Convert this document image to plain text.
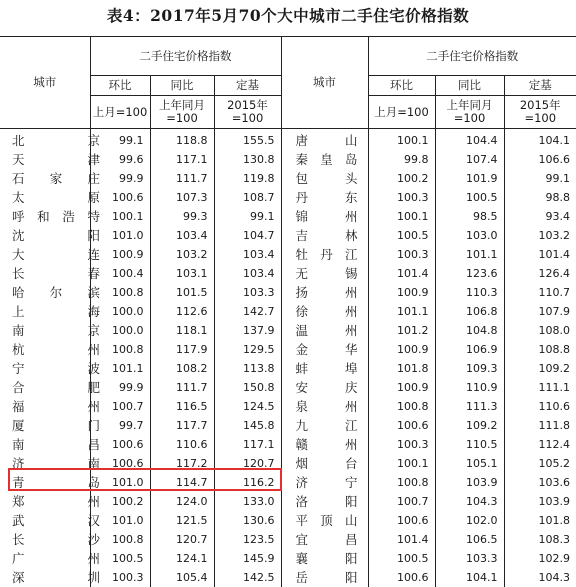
表4：2017年5月70个大中城市二手住宅价格指数
城市	二手住宅价格指数			城市	二手住宅价格指数		
	环比	同比	定基		环比	同比	定基
	上月=100	上年同月=100	2015年=100		上月=100	上年同月=100	2015年=100
北京	99.1	118.8	155.5	唐山	100.1	104.4	104.1
天津	99.6	117.1	130.8	秦皇岛	99.8	107.4	106.6
石家庄	99.9	111.7	119.8	包头	100.2	101.9	99.1
太原	100.6	107.3	108.7	丹东	100.3	100.5	98.8
呼和浩特	100.1	99.3	99.1	锦州	100.1	98.5	93.4
沈阳	101.0	103.4	104.7	吉林	100.5	103.0	103.2
大连	100.9	103.2	103.4	牡丹江	100.3	101.1	101.4
长春	100.4	103.1	103.4	无锡	101.4	123.6	126.4
哈尔滨	100.8	101.5	103.3	扬州	100.9	110.3	110.7
上海	100.0	112.6	142.7	徐州	101.1	106.8	107.9
南京	100.0	118.1	137.9	温州	101.2	104.8	108.0
杭州	100.8	117.9	129.5	金华	100.9	106.9	108.8
宁波	101.1	108.2	113.8	蚌埠	101.8	109.3	109.2
合肥	99.9	111.7	150.8	安庆	100.9	110.9	111.1
福州	100.7	116.5	124.5	泉州	100.8	111.3	110.6
厦门	99.7	117.7	145.8	九江	100.6	109.2	111.8
南昌	100.6	110.6	117.1	赣州	100.3	110.5	112.4
济南	100.6	117.2	120.7	烟台	100.1	105.1	105.2
青岛	101.0	114.7	116.2	济宁	100.8	103.9	103.6
郑州	100.2	124.0	133.0	洛阳	100.7	104.3	103.9
武汉	101.0	121.5	130.6	平顶山	100.6	102.0	101.8
长沙	100.8	120.7	123.5	宜昌	101.4	106.5	108.3
广州	100.5	124.1	145.9	襄阳	100.5	103.3	102.9
深圳	100.3	105.4	142.5	岳阳	100.6	104.1	104.3
